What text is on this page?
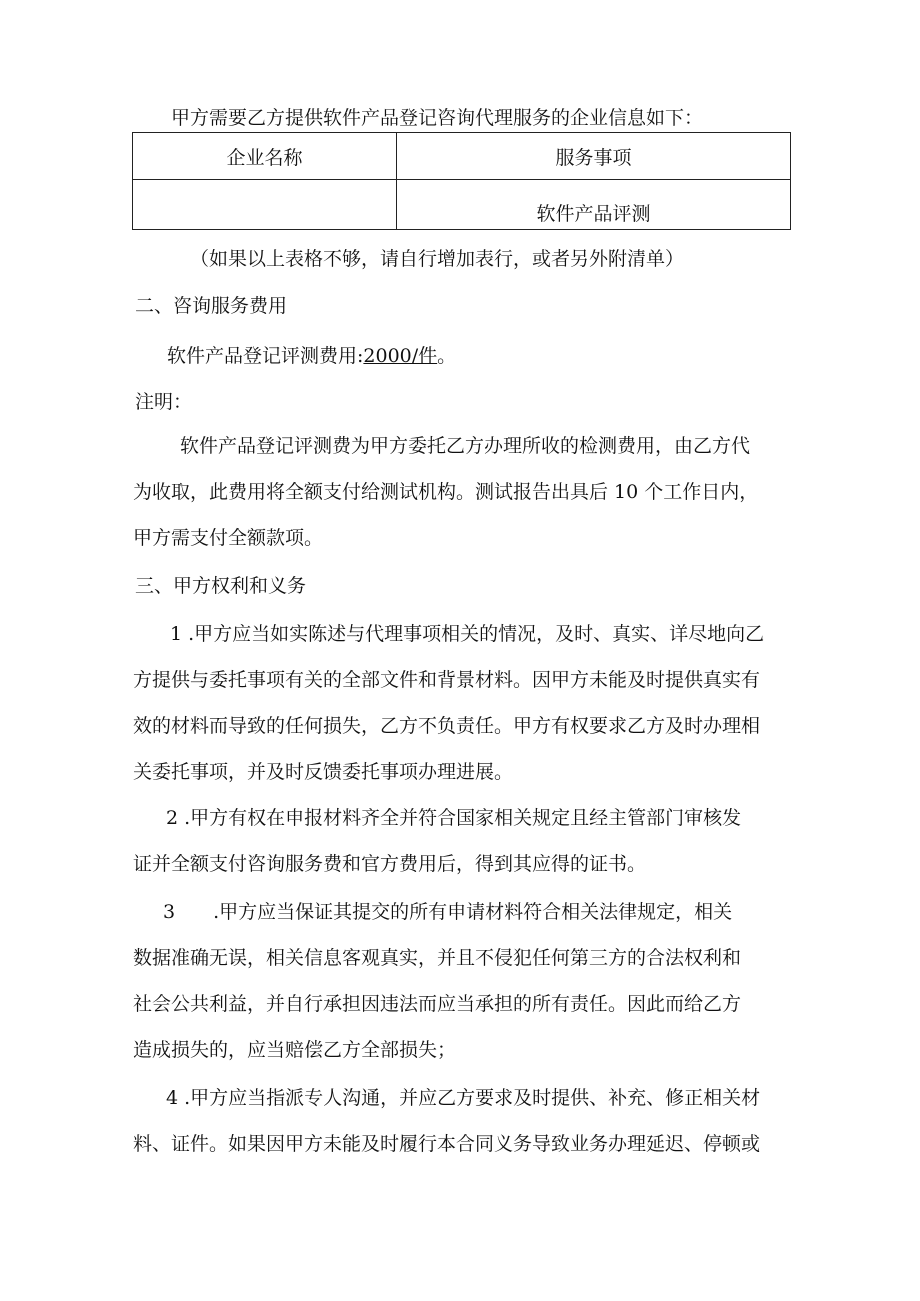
甲方需要乙方提供软件产品登记咨询代理服务的企业信息如下：
企业名称	服务事项
	软件产品评测
（如果以上表格不够，请自行增加表行，或者另外附清单）
二、咨询服务费用
软件产品登记评测费用:2000/件。
注明：
软件产品登记评测费为甲方委托乙方办理所收的检测费用，由乙方代
为收取，此费用将全额支付给测试机构。测试报告出具后 10 个工作日内，
甲方需支付全额款项。
三、甲方权利和义务
1 .甲方应当如实陈述与代理事项相关的情况，及时、真实、详尽地向乙
方提供与委托事项有关的全部文件和背景材料。因甲方未能及时提供真实有
效的材料而导致的任何损失，乙方不负责任。甲方有权要求乙方及时办理相
关委托事项，并及时反馈委托事项办理进展。
2 .甲方有权在申报材料齐全并符合国家相关规定且经主管部门审核发
证并全额支付咨询服务费和官方费用后，得到其应得的证书。
3　　.甲方应当保证其提交的所有申请材料符合相关法律规定，相关
数据准确无误，相关信息客观真实，并且不侵犯任何第三方的合法权利和
社会公共利益，并自行承担因违法而应当承担的所有责任。因此而给乙方
造成损失的，应当赔偿乙方全部损失；
4 .甲方应当指派专人沟通，并应乙方要求及时提供、补充、修正相关材
料、证件。如果因甲方未能及时履行本合同义务导致业务办理延迟、停顿或
